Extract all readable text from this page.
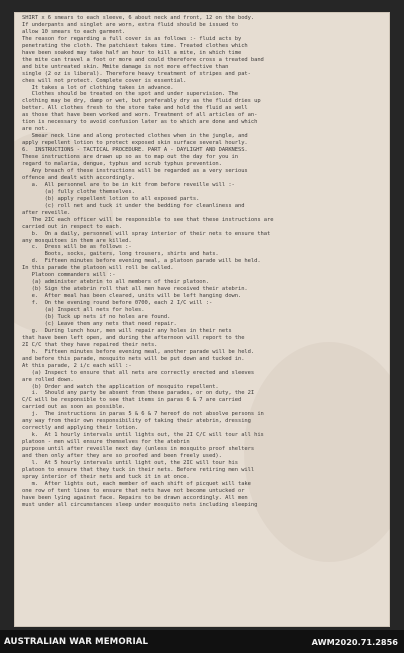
SHIRT x 6 smears to each sleeve, 6 about neck and front, 12 on the body.
If underpants and singlet are worn, extra fluid should be issued to
allow 10 smears to each garment.
The reason for regarding a full cover is as follows :- fluid acts by
penetrating the cloth. The patchiest takes time. Treated clothes which
have been soaked may take half an hour to kill a mite, in which time
the mite can travel a foot or more and could therefore cross a treated band
and bite untreated skin. Mmite damage is not more effective than
single (2 oz is liberal). Therefore heavy treatment of stripes and pat-
ches will not protect. Complete cover is essential.
It takes a lot of clothing takes in advance.
Clothes should be treated on the spot and under supervision. The
clothing may be dry, damp or wet, but preferably dry as the fluid dries up
better. All clothes fresh to the store take and hold the fluid as well
as those that have been worked and worn. Treatment of all articles of an-
tion is necessary to avoid confusion later as to which are done and which
are not.
Smear neck line and along protected clothes when in the jungle, and
apply repellent lotion to protect exposed skin surface several hourly.
6.  INSTRUCTIONS - TACTICAL PROCEDURE. PART A - DAYLIGHT AND DARKNESS.
These instructions are drawn up so as to map out the day for you in
regard to malaria, dengue, typhus and scrub typhus prevention.
Any breach of these instructions will be regarded as a very serious
offence and dealt with accordingly.
a.  All personnel are to be in kit from before reveille will :-
(a) fully clothe themselves.
(b) apply repellent lotion to all exposed parts.
(c) roll net and tuck it under the bedding for cleanliness and
after reveille.
The 2IC each officer will be responsible to see that these instructions are
carried out in respect to each.
b.  On a daily, personnel will spray interior of their nets to ensure that
any mosquitoes in them are killed.
c.  Dress will be as follows :-
Boots, socks, gaiters, long trousers, shirts and hats.
d.  Fifteen minutes before evening meal, a platoon parade will be held.
In this parade the platoon will roll be called.
Platoon commanders will :-
(a) administer atebrin to all members of their platoon.
(b) Sign the atebrin roll that all men have received their atebrin.
e.  After meal has been cleared, units will be left hanging down.
f.  On the evening round before 0700, each 2 I/C will :-
(a) Inspect all nets for holes.
(b) Tuck up nets if no holes are found.
(c) Leave them any nets that need repair.
g.  During lunch hour, men will repair any holes in their nets
that have been left open, and during the afternoon will report to the
2I C/C that they have repaired their nets.
h.  Fifteen minutes before evening meal, another parade will be held.
and before this parade, mosquito nets will be put down and tucked in.
At this parade, 2 i/c each will :-
(a) Inspect to ensure that all nets are correctly erected and sleeves
are rolled down.
(b) Order and watch the application of mosquito repellent.
i.  Should any party be absent from these parades, or on duty, the 2I
C/C will be responsible to see that items in paras 6 & 7 are carried
carried out as soon as possible.
j.  The instructions in paras 5 & 6 & 7 hereof do not absolve persons in
any way from their own responsibility of taking their atebrin, dressing
correctly and applying their lotion.
k.  At 1 hourly intervals until lights out, the 2I C/C will tour all his
platoon - men will ensure themselves for the atebrin
purpose until after reveille next day (unless in mosquito proof shelters
and then only after they are so proofed and been freely used).
l.  At 5 hourly intervals until light out, the 2IC will tour his
platoon to ensure that they tuck in their nets. Before retiring men will
spray interior of their nets and tuck it in at once.
m.  After lights out, each member of each shift of picquet will take
one row of tent lines to ensure that nets have not become untucked or
have been lying against face. Repairs to be drawn accordingly. All men
must under all circumstances sleep under mosquito nets including sleeping
AUSTRALIAN WAR MEMORIAL	AWM2020.71.2856
